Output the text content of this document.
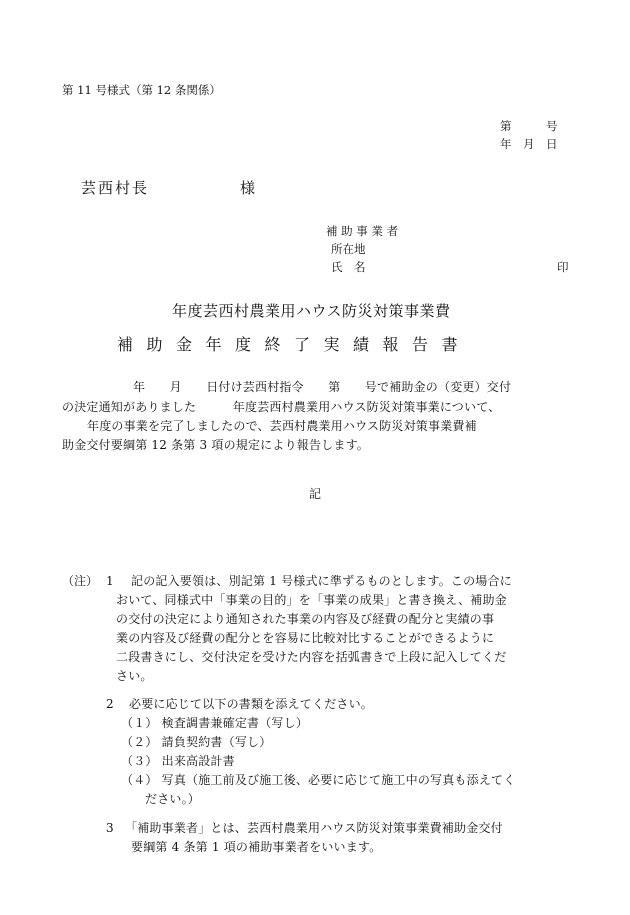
第 11 号様式（第 12 条関係）
第　　　号
年　月　日
芸西村長	様
補 助 事 業 者
所在地
氏　名	印
年度芸西村農業用ハウス防災対策事業費
補助金年度終了実績報告書
年　　月　　日付け芸西村指令　　第　　号で補助金の（変更）交付
の決定通知がありました　　　年度芸西村農業用ハウス防災対策事業について、
年度の事業を完了しましたので、芸西村農業用ハウス防災対策事業費補
助金交付要綱第 12 条第 3 項の規定により報告します。
記
（注） 1 記の記入要領は、別記第 1 号様式に準ずるものとします。この場合に
おいて、同様式中「事業の目的」を「事業の成果」と書き換え、補助金
の交付の決定により通知された事業の内容及び経費の配分と実績の事
業の内容及び経費の配分とを容易に比較対比することができるように
二段書きにし、交付決定を受けた内容を括弧書きで上段に記入してくだ
さい。
2 必要に応じて以下の書類を添えてください。
（１） 検査調書兼確定書（写し）
（２） 請負契約書（写し）
（３） 出来高設計書
（４） 写真（施工前及び施工後、必要に応じて施工中の写真も添えてく
ださい。）
3 「補助事業者」とは、芸西村農業用ハウス防災対策事業費補助金交付
要綱第 4 条第 1 項の補助事業者をいいます。
